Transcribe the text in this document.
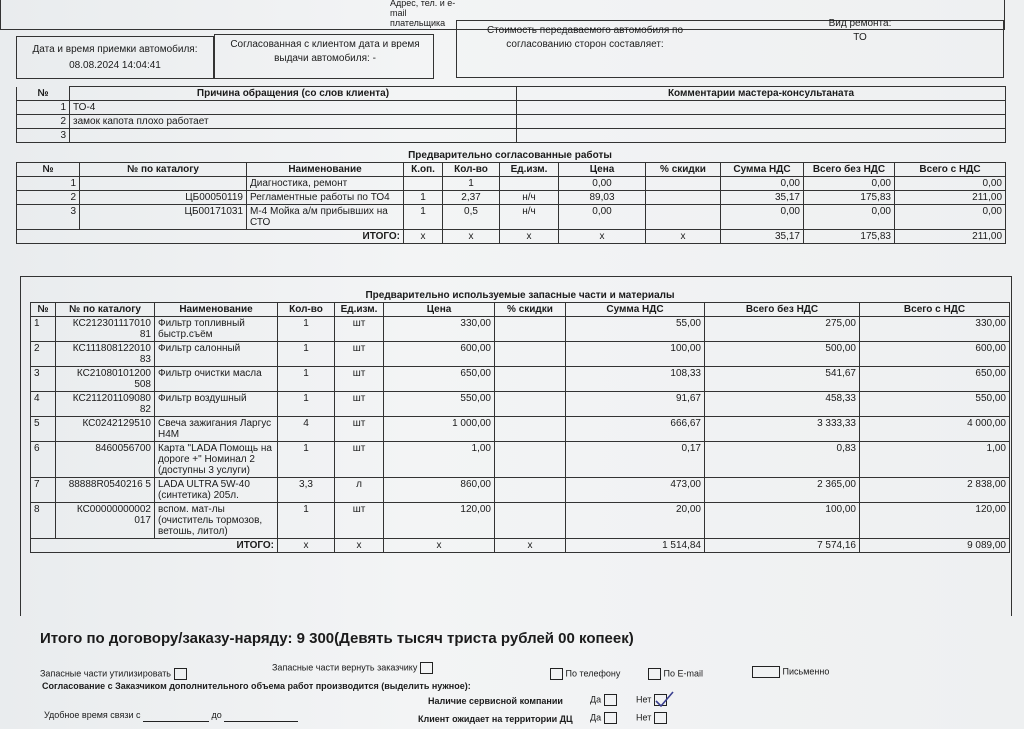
Адрес, тел. и e-mail плательщика
Дата и время приемки автомобиля:
08.08.2024 14:04:41
Согласованная с клиентом дата и время выдачи автомобиля: -
Стоимость передаваемого автомобиля по согласованию сторон составляет:
Вид ремонта:
ТО
№	Причина обращения (со слов клиента)	Комментарии мастера-консультаната
1	ТО-4	
2	замок капота плохо работает	
3		
Предварительно согласованные работы
№	№ по каталогу	Наименование	К.оп.	Кол-во	Ед.изм.	Цена	% скидки	Сумма НДС	Всего без НДС	Всего с НДС
1		Диагностика, ремонт		1		0,00		0,00	0,00	0,00
2	ЦБ00050119	Регламентные работы по ТО4	1	2,37	н/ч	89,03		35,17	175,83	211,00
3	ЦБ00171031	М-4 Мойка а/м прибывших на СТО	1	0,5	н/ч	0,00		0,00	0,00	0,00
ИТОГО:			x	x	x	x	x	35,17	175,83	211,00
Предварительно используемые запасные части и материалы
№	№ по каталогу	Наименование	Кол-во	Ед.изм.	Цена	% скидки	Сумма НДС	Всего без НДС	Всего с НДС
1	КС212301117010 81	Фильтр топливный быстр.съём	1	шт	330,00		55,00	275,00	330,00
2	КС111808122010 83	Фильтр салонный	1	шт	600,00		100,00	500,00	600,00
3	КС21080101200 508	Фильтр очистки масла	1	шт	650,00		108,33	541,67	650,00
4	КС211201109080 82	Фильтр воздушный	1	шт	550,00		91,67	458,33	550,00
5	КС0242129510	Свеча зажигания Ларгус Н4М	4	шт	1 000,00		666,67	3 333,33	4 000,00
6	8460056700	Карта "LADA Помощь на дороге +" Номинал 2 (доступны 3 услуги)	1	шт	1,00		0,17	0,83	1,00
7	88888R0540216 5	LADA ULTRA 5W-40 (синтетика) 205л.	3,3	л	860,00		473,00	2 365,00	2 838,00
8	КС00000000002 017	вспом. мат-лы (очиститель тормозов, ветошь, литол)	1	шт	120,00		20,00	100,00	120,00
ИТОГО:			x	x	x	x	1 514,84	7 574,16	9 089,00
Итого по договору/заказу-наряду: 9 300(Девять тысяч триста рублей 00 копеек)
Запасные части утилизировать
Запасные части вернуть заказчику
Согласование с Заказчиком дополнительного объема работ производится (выделить нужное):
По телефону	По E-mail	Письменно
Удобное время связи с	до
Наличие сервисной компании	Да	Нет
Клиент ожидает на территории ДЦ Да	Нет
